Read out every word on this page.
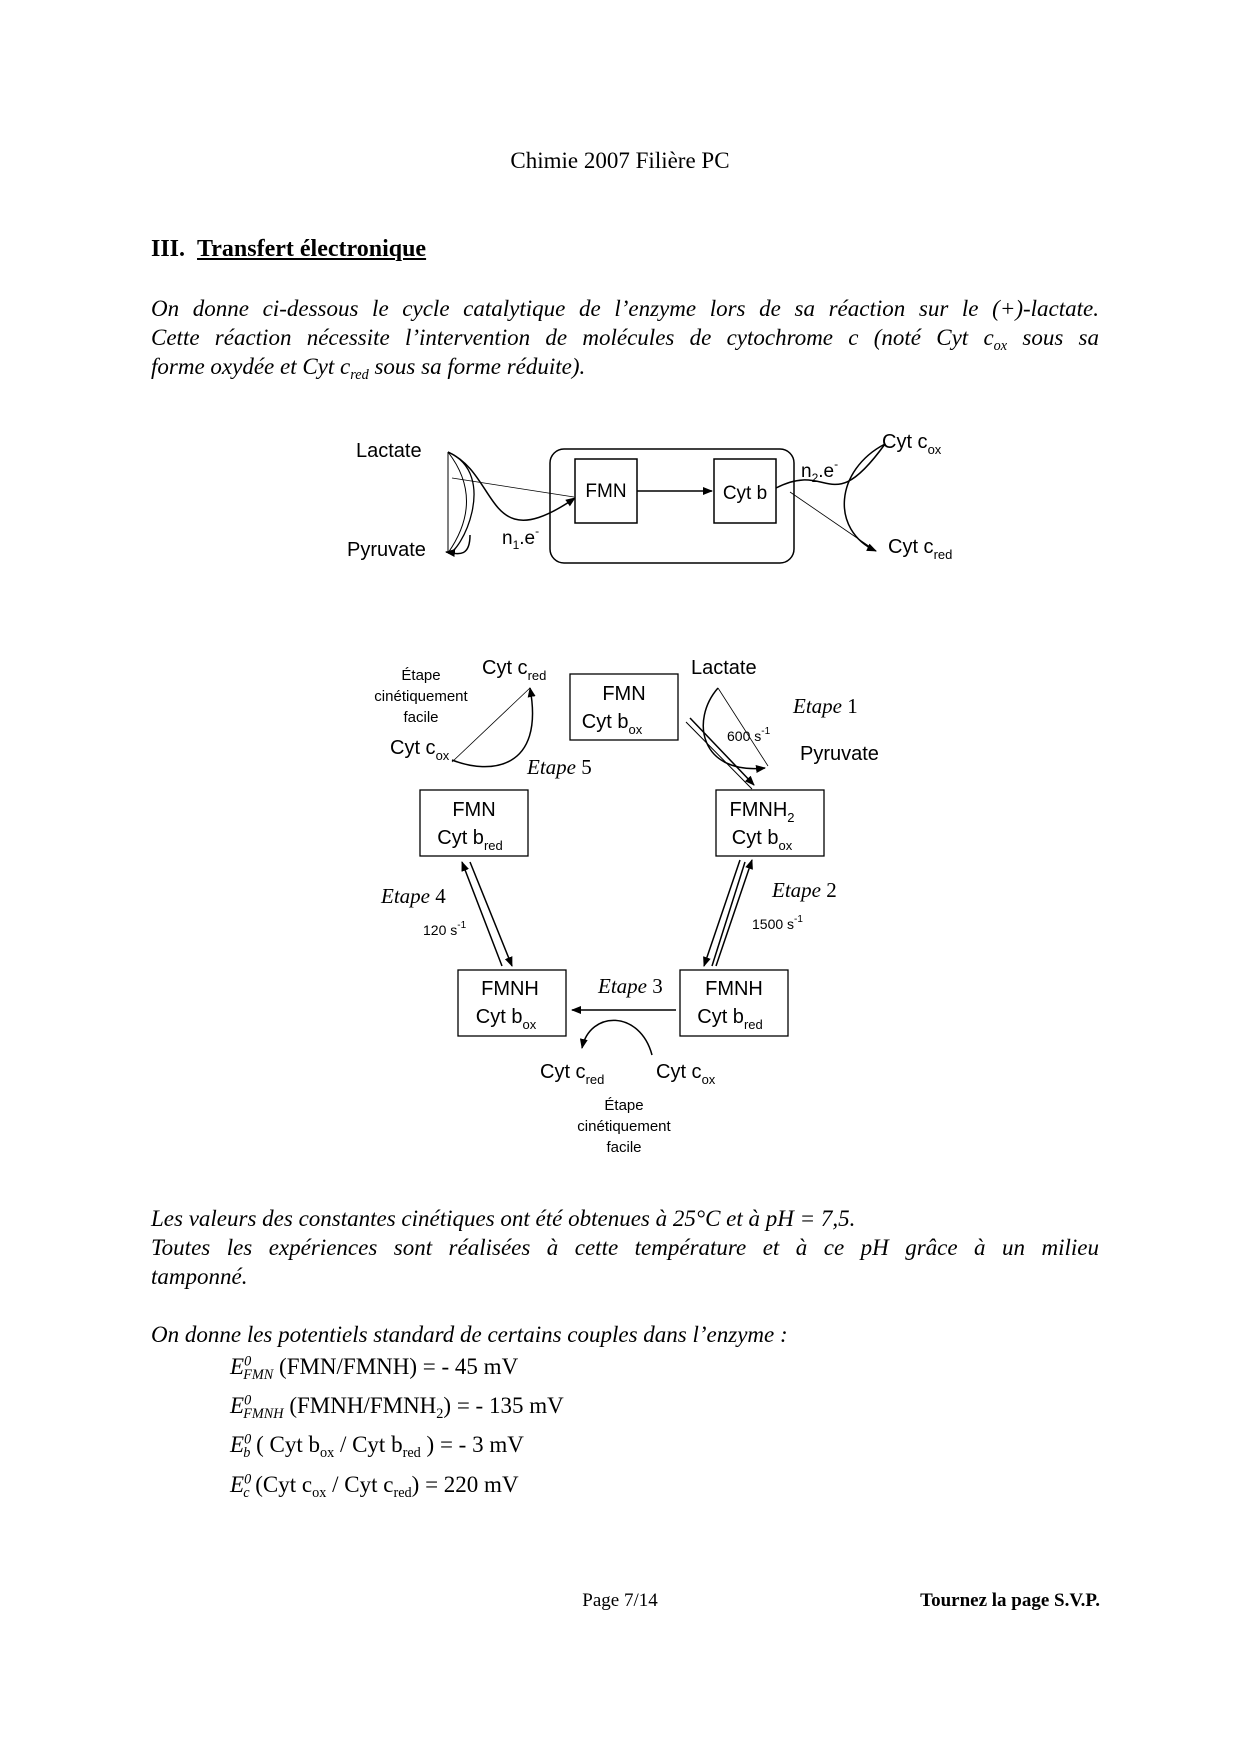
Chimie 2007 Filière PC
III. Transfert électronique
On donne ci-dessous le cycle catalytique de l’enzyme lors de sa réaction sur le (+)-lactate.
Cette réaction nécessite l’intervention de molécules de cytochrome c (noté Cyt $c_{ox}$ sous sa
forme oxydée et Cyt $c_{red}$ sous sa forme réduite).
FMN	Cyt b
Lactate
Pyruvate
$n_1.e^-$
$n_2.e^-$
Cyt $c_{ox}$
Cyt $c_{red}$
FMN
Cyt $b_{ox}$
$FMNH_2$
Cyt $b_{ox}$
FMNH
Cyt $b_{red}$
FMNH
Cyt $b_{ox}$
FMN
Cyt $b_{red}$
Lactate
Pyruvate
600 $s^{-1}$
Etape 1
Etape 2
1500 $s^{-1}$
Etape 3
Cyt $c_{red}$	Cyt $c_{ox}$
Étape
cinétiquement
facile
Etape 4
120 $s^{-1}$
Cyt $c_{red}$
Cyt $c_{ox}$	Etape 5
Étape
cinétiquement
facile
Les valeurs des constantes cinétiques ont été obtenues à 25°C et à pH = 7,5.
Toutes les expériences sont réalisées à cette température et à ce pH grâce à un milieu
tamponné.
On donne les potentiels standard de certains couples dans l’enzyme :
$E^0_{FMN}$ (FMN/FMNH) = - 45 mV
$E^0_{FMNH}$ $(FMNH/FMNH_2)$ = - 135 mV
$E^0_b$ ( Cyt $b_{ox}$ / Cyt $b_{red}$ ) = - 3 mV
$E^0_c$ (Cyt $c_{ox}$ / Cyt $c_{red}) = 220$ mV
Page 7/14	Tournez la page S.V.P.
